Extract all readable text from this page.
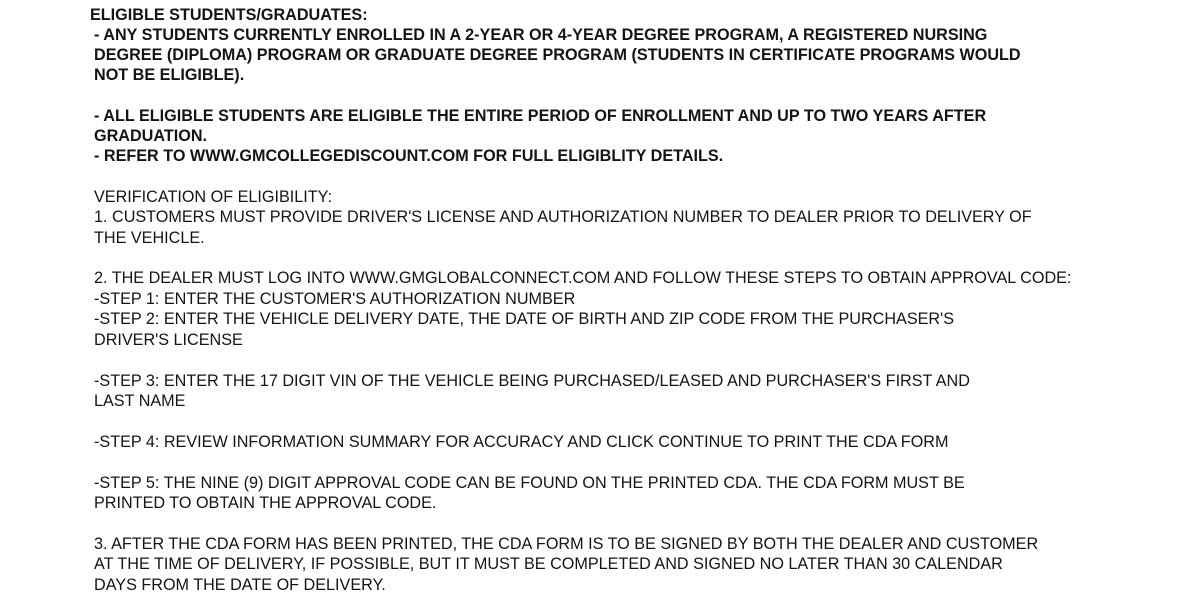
ELIGIBLE STUDENTS/GRADUATES:

- ANY STUDENTS CURRENTLY ENROLLED IN A 2-YEAR OR 4-YEAR DEGREE PROGRAM, A REGISTERED NURSING

DEGREE (DIPLOMA) PROGRAM OR GRADUATE DEGREE PROGRAM (STUDENTS IN CERTIFICATE PROGRAMS WOULD

NOT BE ELIGIBLE).

- ALL ELIGIBLE STUDENTS ARE ELIGIBLE THE ENTIRE PERIOD OF ENROLLMENT AND UP TO TWO YEARS AFTER

GRADUATION.

- REFER TO WWW.GMCOLLEGEDISCOUNT.COM FOR FULL ELIGIBLITY DETAILS.

VERIFICATION OF ELIGIBILITY:

1. CUSTOMERS MUST PROVIDE DRIVER'S LICENSE AND AUTHORIZATION NUMBER TO DEALER PRIOR TO DELIVERY OF

THE VEHICLE.

2. THE DEALER MUST LOG INTO WWW.GMGLOBALCONNECT.COM AND FOLLOW THESE STEPS TO OBTAIN APPROVAL CODE:

-STEP 1: ENTER THE CUSTOMER'S AUTHORIZATION NUMBER

-STEP 2: ENTER THE VEHICLE DELIVERY DATE, THE DATE OF BIRTH AND ZIP CODE FROM THE PURCHASER'S

DRIVER'S LICENSE

-STEP 3: ENTER THE 17 DIGIT VIN OF THE VEHICLE BEING PURCHASED/LEASED AND PURCHASER'S FIRST AND

LAST NAME

-STEP 4: REVIEW INFORMATION SUMMARY FOR ACCURACY AND CLICK CONTINUE TO PRINT THE CDA FORM

-STEP 5: THE NINE (9) DIGIT APPROVAL CODE CAN BE FOUND ON THE PRINTED CDA. THE CDA FORM MUST BE

PRINTED TO OBTAIN THE APPROVAL CODE.

3. AFTER THE CDA FORM HAS BEEN PRINTED, THE CDA FORM IS TO BE SIGNED BY BOTH THE DEALER AND CUSTOMER

AT THE TIME OF DELIVERY, IF POSSIBLE, BUT IT MUST BE COMPLETED AND SIGNED NO LATER THAN 30 CALENDAR

DAYS FROM THE DATE OF DELIVERY.
